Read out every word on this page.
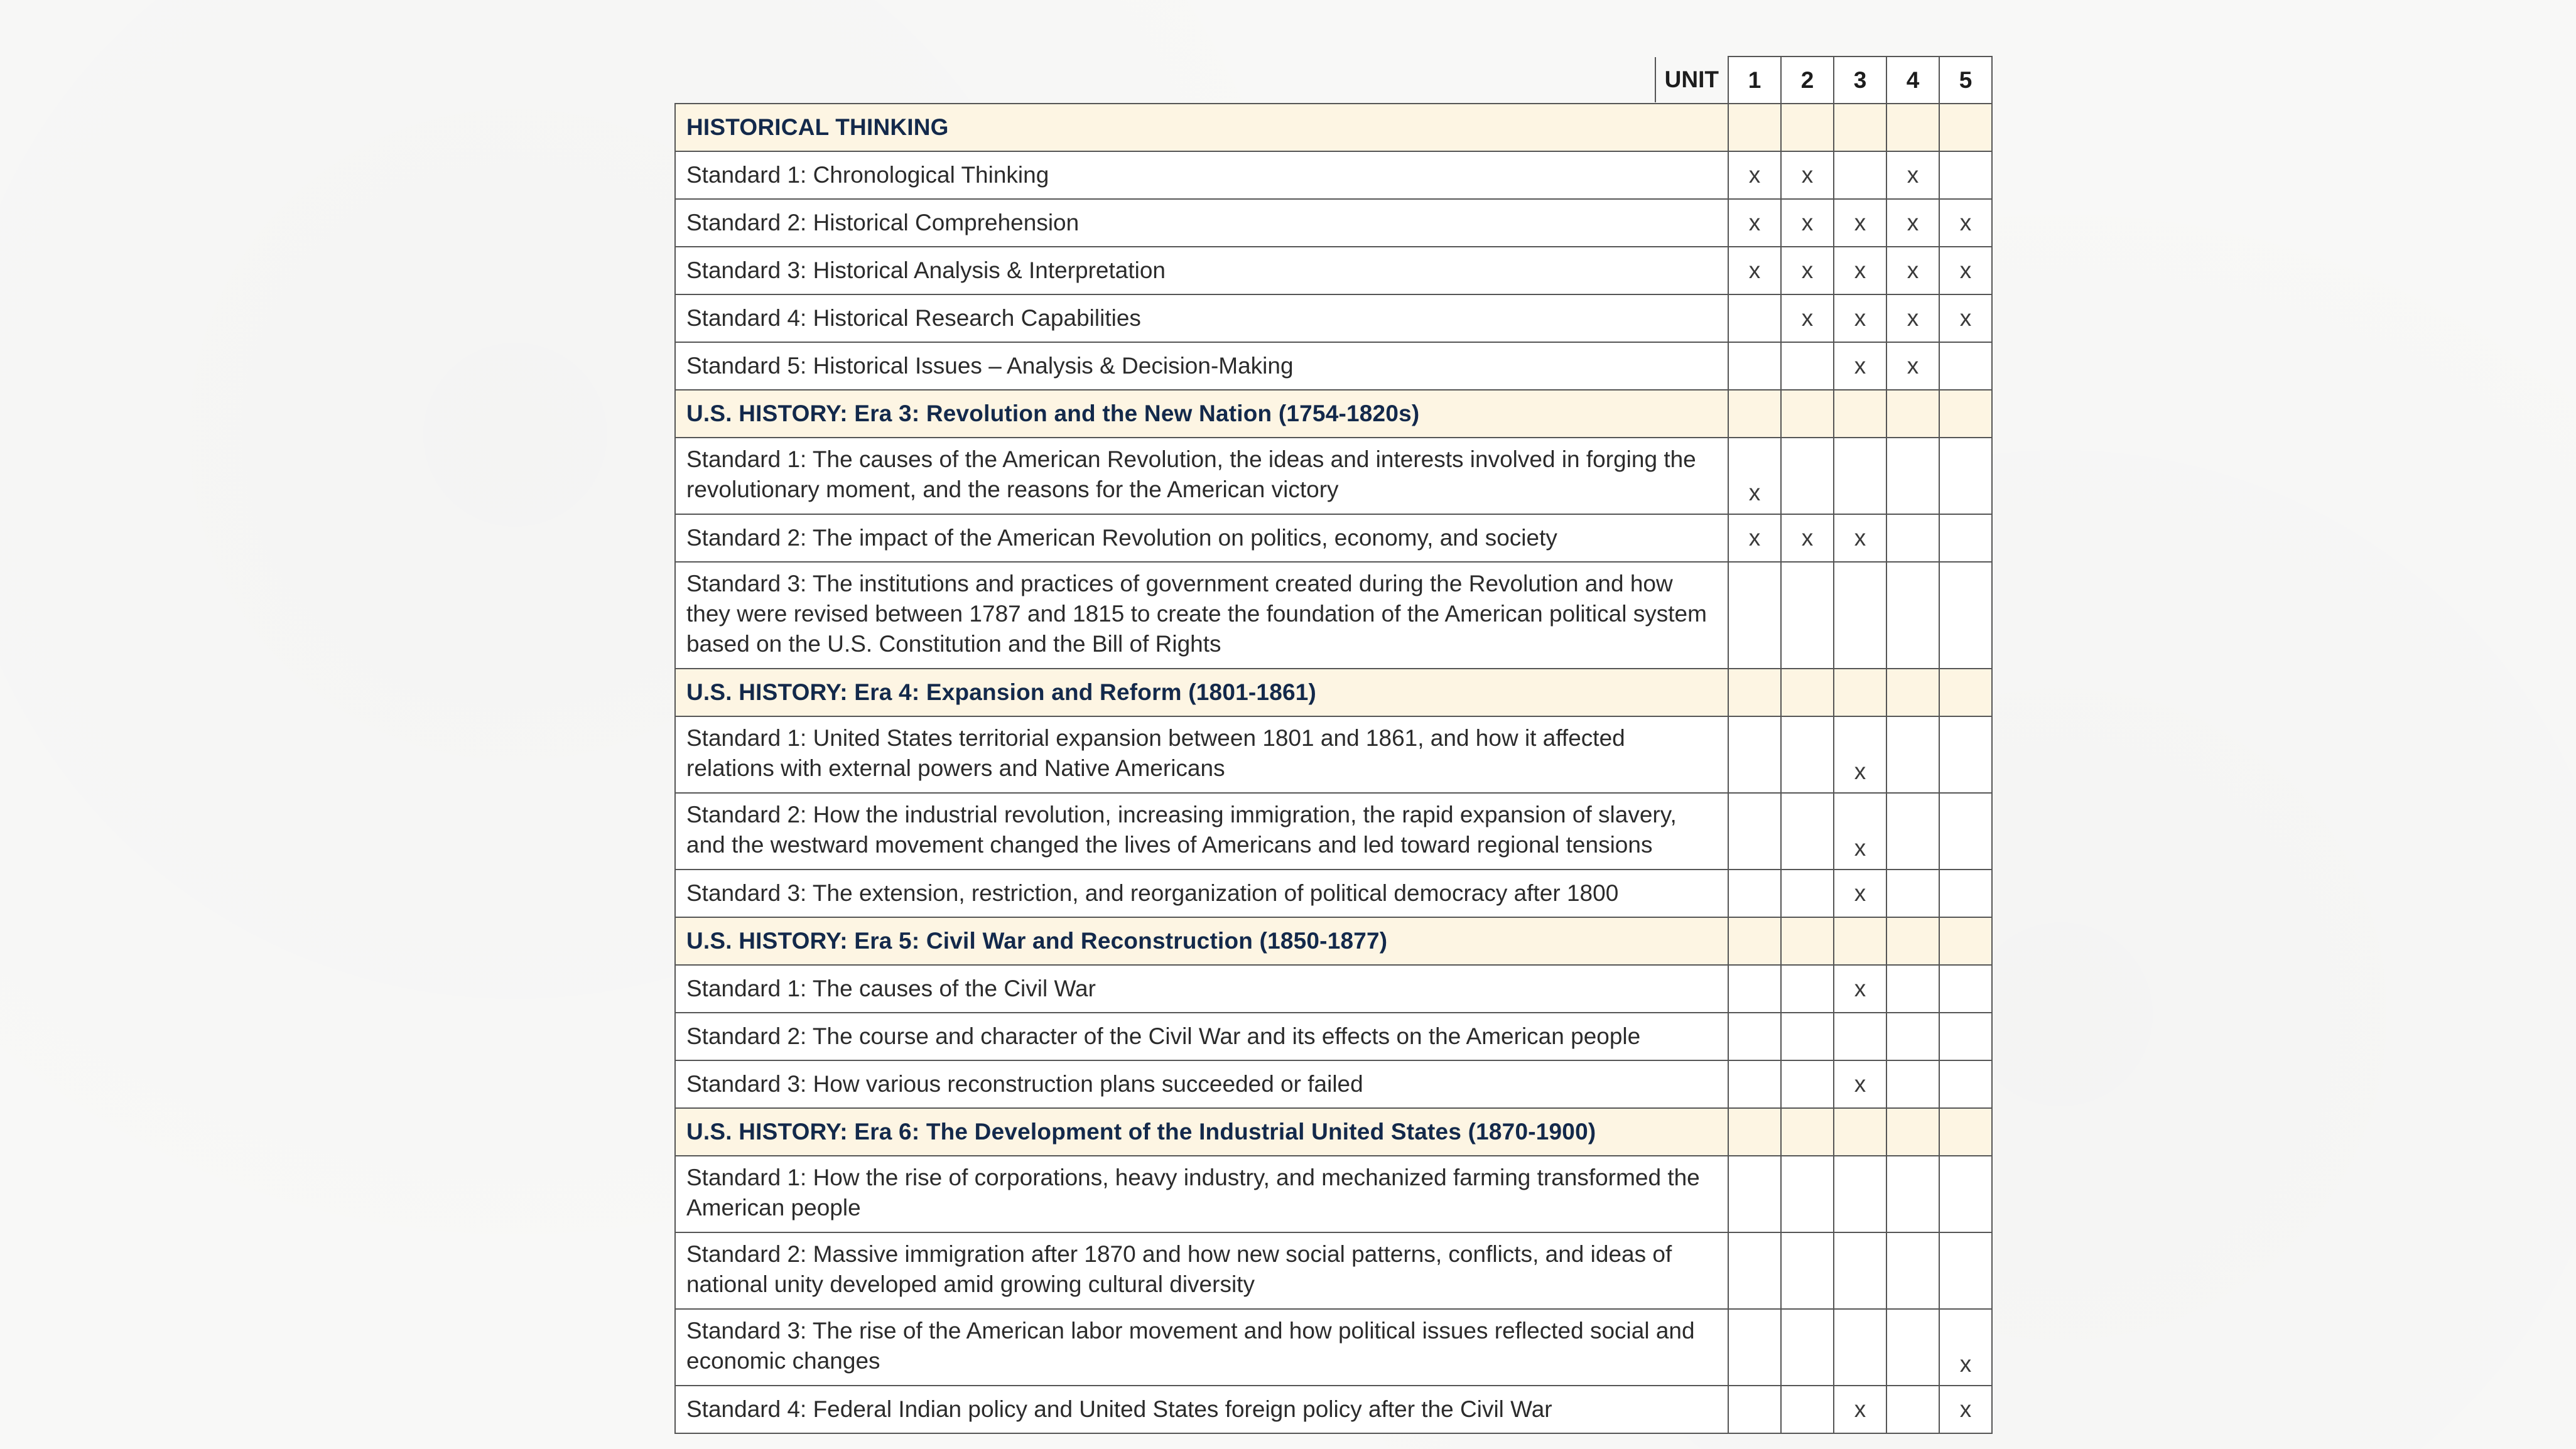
UNIT	1	2	3	4	5
HISTORICAL THINKING					
Standard 1: Chronological Thinking	x	x		x	
Standard 2: Historical Comprehension	x	x	x	x	x
Standard 3: Historical Analysis & Interpretation	x	x	x	x	x
Standard 4: Historical Research Capabilities		x	x	x	x
Standard 5: Historical Issues – Analysis & Decision-Making			x	x	
U.S. HISTORY: Era 3: Revolution and the New Nation (1754-1820s)					
Standard 1: The causes of the American Revolution, the ideas and interests involved in forging the revolutionary moment, and the reasons for the American victory	x				
Standard 2: The impact of the American Revolution on politics, economy, and society	x	x	x		
Standard 3: The institutions and practices of government created during the Revolution and how they were revised between 1787 and 1815 to create the foundation of the American political system based on the U.S. Constitution and the Bill of Rights					
U.S. HISTORY: Era 4: Expansion and Reform (1801-1861)					
Standard 1: United States territorial expansion between 1801 and 1861, and how it affected relations with external powers and Native Americans			x		
Standard 2: How the industrial revolution, increasing immigration, the rapid expansion of slavery, and the westward movement changed the lives of Americans and led toward regional tensions			x		
Standard 3: The extension, restriction, and reorganization of political democracy after 1800			x		
U.S. HISTORY: Era 5: Civil War and Reconstruction (1850-1877)					
Standard 1: The causes of the Civil War			x		
Standard 2: The course and character of the Civil War and its effects on the American people					
Standard 3: How various reconstruction plans succeeded or failed			x		
U.S. HISTORY: Era 6: The Development of the Industrial United States (1870-1900)					
Standard 1: How the rise of corporations, heavy industry, and mechanized farming transformed the American people					
Standard 2: Massive immigration after 1870 and how new social patterns, conflicts, and ideas of national unity developed amid growing cultural diversity					
Standard 3: The rise of the American labor movement and how political issues reflected social and economic changes					x
Standard 4: Federal Indian policy and United States foreign policy after the Civil War			x		x
